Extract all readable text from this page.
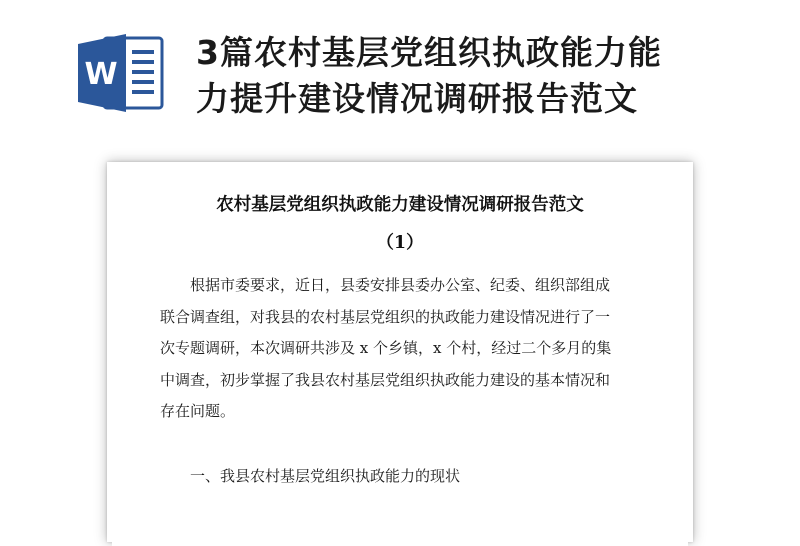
W
3篇农村基层党组织执政能力能
力提升建设情况调研报告范文
农村基层党组织执政能力建设情况调研报告范文
（1）

根据市委要求，近日，县委安排县委办公室、纪委、组织部组成
联合调查组，对我县的农村基层党组织的执政能力建设情况进行了一
次专题调研，本次调研共涉及 x 个乡镇，x 个村，经过二个多月的集
中调查，初步掌握了我县农村基层党组织执政能力建设的基本情况和
存在问题。

一、我县农村基层党组织执政能力的现状
